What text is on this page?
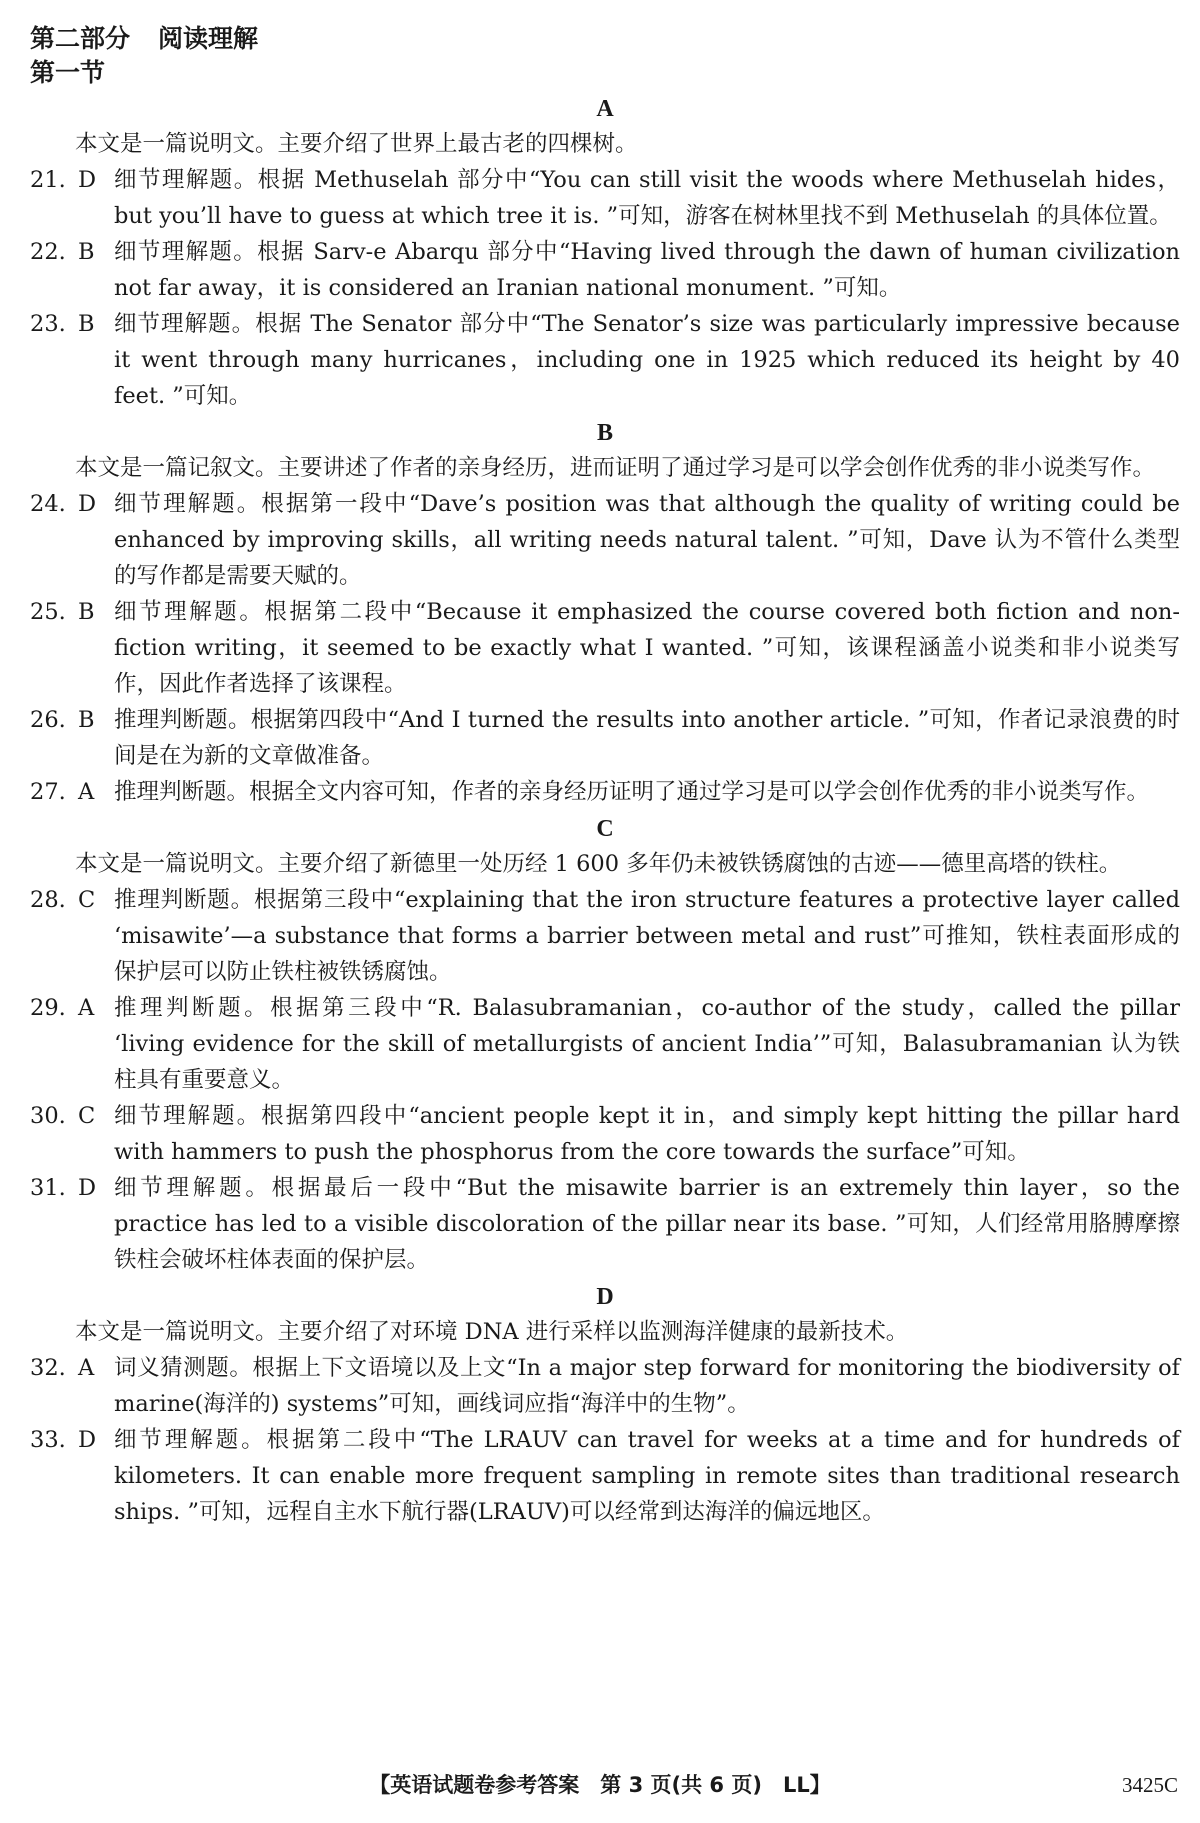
第二部分 阅读理解
第一节
A
本文是一篇说明文。主要介绍了世界上最古老的四棵树。
21. D 细节理解题。根据 Methuselah 部分中“You can still visit the woods where Methuselah hides，but you’ll have to guess at which tree it is. ”可知，游客在树林里找不到 Methuselah 的具体位置。
22. B 细节理解题。根据 Sarv-e Abarqu 部分中“Having lived through the dawn of human civilization not far away，it is considered an Iranian national monument. ”可知。
23. B 细节理解题。根据 The Senator 部分中“The Senator’s size was particularly impressive because it went through many hurricanes，including one in 1925 which reduced its height by 40 feet. ”可知。
B
本文是一篇记叙文。主要讲述了作者的亲身经历，进而证明了通过学习是可以学会创作优秀的非小说类写作。
24. D 细节理解题。根据第一段中“Dave’s position was that although the quality of writing could be enhanced by improving skills，all writing needs natural talent. ”可知，Dave 认为不管什么类型的写作都是需要天赋的。
25. B 细节理解题。根据第二段中“Because it emphasized the course covered both fiction and non-fiction writing，it seemed to be exactly what I wanted. ”可知，该课程涵盖小说类和非小说类写作，因此作者选择了该课程。
26. B 推理判断题。根据第四段中“And I turned the results into another article. ”可知，作者记录浪费的时间是在为新的文章做准备。
27. A 推理判断题。根据全文内容可知，作者的亲身经历证明了通过学习是可以学会创作优秀的非小说类写作。
C
本文是一篇说明文。主要介绍了新德里一处历经 1 600 多年仍未被铁锈腐蚀的古迹——德里高塔的铁柱。
28. C 推理判断题。根据第三段中“explaining that the iron structure features a protective layer called ‘misawite’—a substance that forms a barrier between metal and rust”可推知，铁柱表面形成的保护层可以防止铁柱被铁锈腐蚀。
29. A 推理判断题。根据第三段中“R. Balasubramanian，co-author of the study，called the pillar ‘living evidence for the skill of metallurgists of ancient India’”可知，Balasubramanian 认为铁柱具有重要意义。
30. C 细节理解题。根据第四段中“ancient people kept it in，and simply kept hitting the pillar hard with hammers to push the phosphorus from the core towards the surface”可知。
31. D 细节理解题。根据最后一段中“But the misawite barrier is an extremely thin layer，so the practice has led to a visible discoloration of the pillar near its base. ”可知，人们经常用胳膊摩擦铁柱会破坏柱体表面的保护层。
D
本文是一篇说明文。主要介绍了对环境 DNA 进行采样以监测海洋健康的最新技术。
32. A 词义猜测题。根据上下文语境以及上文“In a major step forward for monitoring the biodiversity of marine(海洋的) systems”可知，画线词应指“海洋中的生物”。
33. D 细节理解题。根据第二段中“The LRAUV can travel for weeks at a time and for hundreds of kilometers. It can enable more frequent sampling in remote sites than traditional research ships. ”可知，远程自主水下航行器(LRAUV)可以经常到达海洋的偏远地区。
【英语试题卷参考答案　第 3 页(共 6 页)　LL】	3425C
